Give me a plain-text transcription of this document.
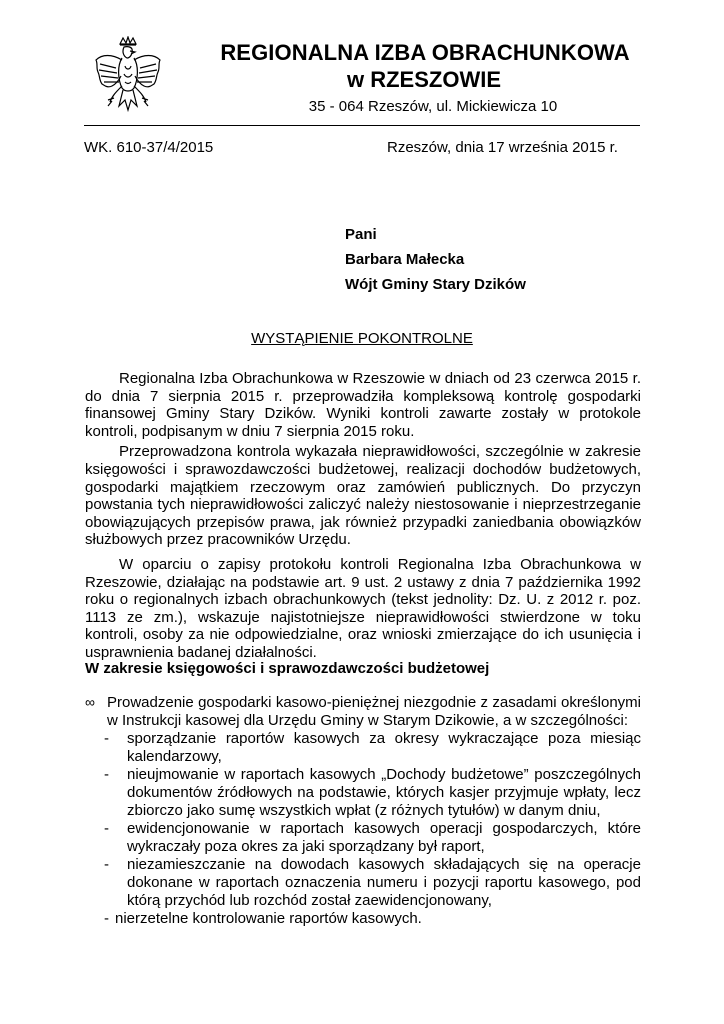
REGIONALNA IZBA OBRACHUNKOWA
w RZESZOWIE
35 - 064 Rzeszów, ul. Mickiewicza 10
WK. 610-37/4/2015	Rzeszów, dnia 17 września 2015 r.
Pani
Barbara Małecka
Wójt Gminy Stary Dzików
WYSTĄPIENIE POKONTROLNE

Regionalna Izba Obrachunkowa w Rzeszowie w dniach od 23 czerwca 2015 r. do dnia 7 sierpnia 2015 r. przeprowadziła kompleksową kontrolę gospodarki finansowej Gminy Stary Dzików. Wyniki kontroli zawarte zostały w protokole kontroli, podpisanym w dniu 7 sierpnia 2015 roku.

Przeprowadzona kontrola wykazała nieprawidłowości, szczególnie w zakresie księgowości i sprawozdawczości budżetowej, realizacji dochodów budżetowych, gospodarki majątkiem rzeczowym oraz zamówień publicznych. Do przyczyn powstania tych nieprawidłowości zaliczyć należy niestosowanie i nieprzestrzeganie obowiązujących przepisów prawa, jak również przypadki zaniedbania obowiązków służbowych przez pracowników Urzędu.

W oparciu o zapisy protokołu kontroli Regionalna Izba Obrachunkowa w Rzeszowie, działając na podstawie art. 9 ust. 2 ustawy z dnia 7 października 1992 roku o regionalnych izbach obrachunkowych (tekst jednolity: Dz. U. z 2012 r. poz. 1113 ze zm.), wskazuje najistotniejsze nieprawidłowości stwierdzone w toku kontroli, osoby za nie odpowiedzialne, oraz wnioski zmierzające do ich usunięcia i usprawnienia badanej działalności.

W zakresie księgowości i sprawozdawczości budżetowej
∞ Prowadzenie gospodarki kasowo-pieniężnej niezgodnie z zasadami określonymi w Instrukcji kasowej dla Urzędu Gminy w Starym Dzikowie, a w szczególności:
- sporządzanie raportów kasowych za okresy wykraczające poza miesiąc kalendarzowy,
- nieujmowanie w raportach kasowych „Dochody budżetowe” poszczególnych dokumentów źródłowych na podstawie, których kasjer przyjmuje wpłaty, lecz zbiorczo jako sumę wszystkich wpłat (z różnych tytułów) w danym dniu,
- ewidencjonowanie w raportach kasowych operacji gospodarczych, które wykraczały poza okres za jaki sporządzany był raport,
- niezamieszczanie na dowodach kasowych składających się na operacje dokonane w raportach oznaczenia numeru i pozycji raportu kasowego, pod którą przychód lub rozchód został zaewidencjonowany,
- nierzetelne kontrolowanie raportów kasowych.
